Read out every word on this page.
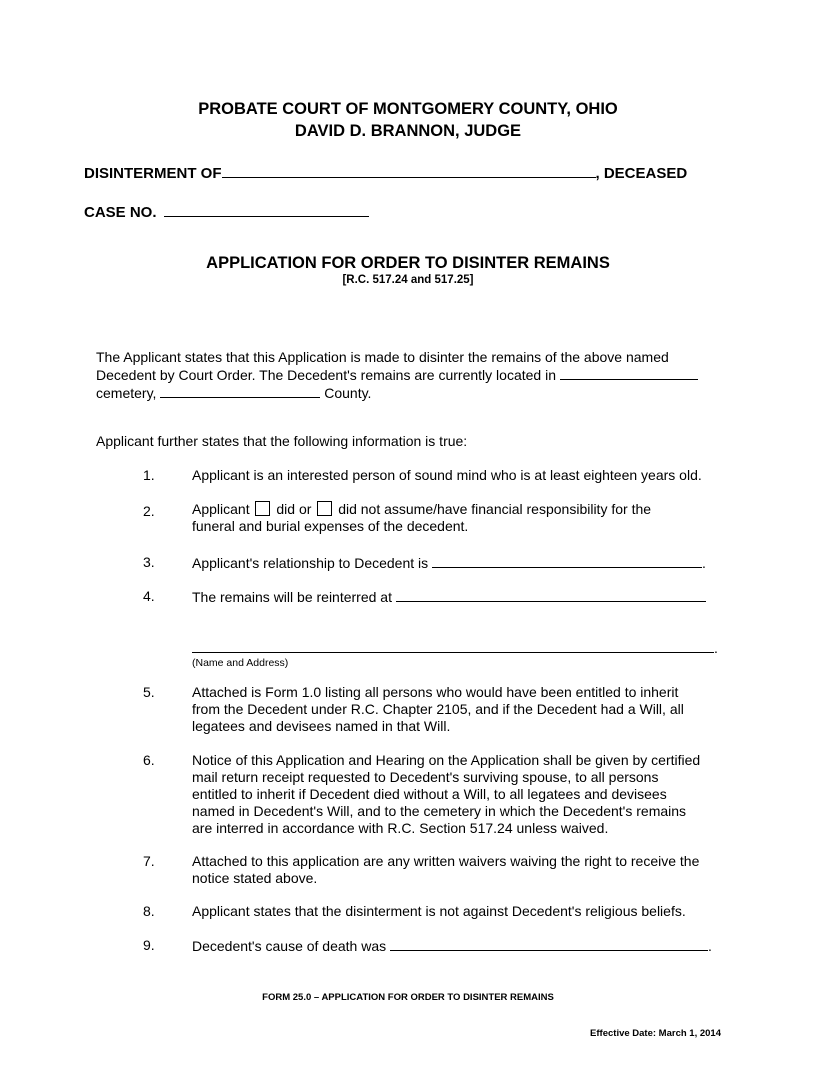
PROBATE COURT OF MONTGOMERY COUNTY, OHIO
DAVID D. BRANNON, JUDGE
DISINTERMENT OF	, DECEASED
CASE NO.
APPLICATION FOR ORDER TO DISINTER REMAINS
[R.C. 517.24 and 517.25]
The Applicant states that this Application is made to disinter the remains of the above named
Decedent by Court Order. The Decedent's remains are currently located in
cemetery,	County.
Applicant further states that the following information is true:
1.	Applicant is an interested person of sound mind who is at least eighteen years old.
2.	Applicant did or did not assume/have financial responsibility for the
funeral and burial expenses of the decedent.
3.	Applicant's relationship to Decedent is	.
4.	The remains will be reinterred at
.
(Name and Address)
5.	Attached is Form 1.0 listing all persons who would have been entitled to inherit
from the Decedent under R.C. Chapter 2105, and if the Decedent had a Will, all
legatees and devisees named in that Will.
6.	Notice of this Application and Hearing on the Application shall be given by certified
mail return receipt requested to Decedent's surviving spouse, to all persons
entitled to inherit if Decedent died without a Will, to all legatees and devisees
named in Decedent's Will, and to the cemetery in which the Decedent's remains
are interred in accordance with R.C. Section 517.24 unless waived.
7.	Attached to this application are any written waivers waiving the right to receive the
notice stated above.
8.	Applicant states that the disinterment is not against Decedent's religious beliefs.
9.	Decedent's cause of death was	.
FORM 25.0 – APPLICATION FOR ORDER TO DISINTER REMAINS
Effective Date: March 1, 2014
